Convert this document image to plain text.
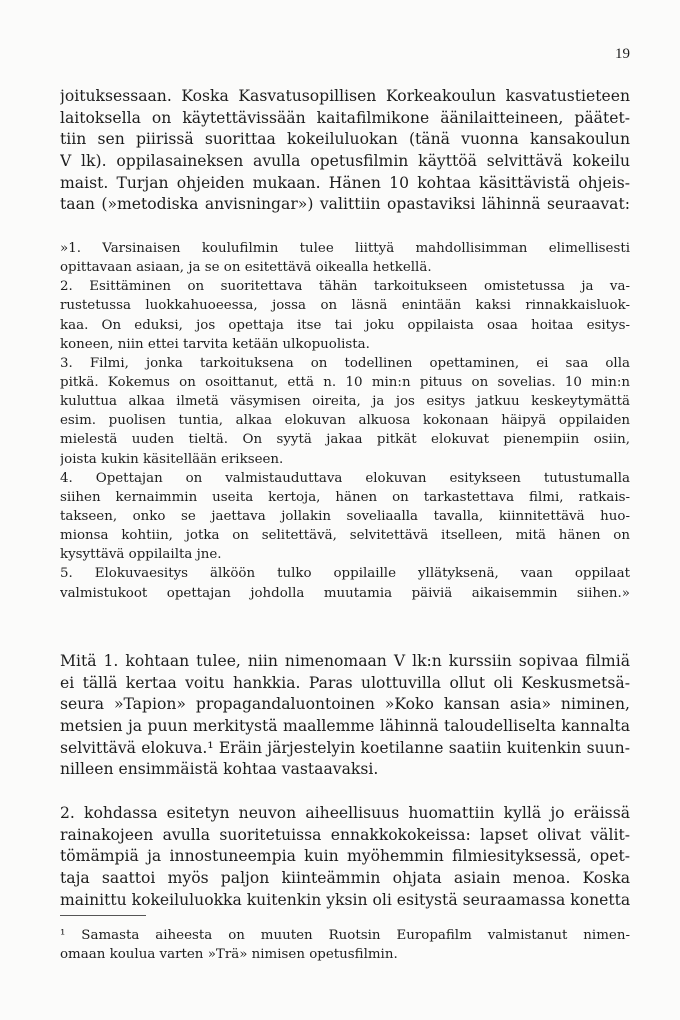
19
joituksessaan. Koska Kasvatusopillisen Korkeakoulun kasvatustieteen
laitoksella on käytettävissään kaitafilmikone äänilaitteineen, päätet-
tiin sen piirissä suorittaa kokeiluluokan (tänä vuonna kansakoulun
V lk). oppilasaineksen avulla opetusfilmin käyttöä selvittävä kokeilu
maist. Turjan ohjeiden mukaan. Hänen 10 kohtaa käsittävistä ohjeis-
taan (»metodiska anvisningar») valittiin opastaviksi lähinnä seuraavat:
»1. Varsinaisen koulufilmin tulee liittyä mahdollisimman elimellisesti
opittavaan asiaan, ja se on esitettävä oikealla hetkellä.
2. Esittäminen on suoritettava tähän tarkoitukseen omistetussa ja va-
rustetussa luokkahuoeessa, jossa on läsnä enintään kaksi rinnakkaisluok-
kaa. On eduksi, jos opettaja itse tai joku oppilaista osaa hoitaa esitys-
koneen, niin ettei tarvita ketään ulkopuolista.
3. Filmi, jonka tarkoituksena on todellinen opettaminen, ei saa olla
pitkä. Kokemus on osoittanut, että n. 10 min:n pituus on sovelias. 10 min:n
kuluttua alkaa ilmetä väsymisen oireita, ja jos esitys jatkuu keskeytymättä
esim. puolisen tuntia, alkaa elokuvan alkuosa kokonaan häipyä oppilaiden
mielestä uuden tieltä. On syytä jakaa pitkät elokuvat pienempiin osiin,
joista kukin käsitellään erikseen.
4. Opettajan on valmistauduttava elokuvan esitykseen tutustumalla
siihen kernaimmin useita kertoja, hänen on tarkastettava filmi, ratkais-
takseen, onko se jaettava jollakin soveliaalla tavalla, kiinnitettävä huo-
mionsa kohtiin, jotka on selitettävä, selvitettävä itselleen, mitä hänen on
kysyttävä oppilailta jne.
5. Elokuvaesitys älköön tulko oppilaille yllätyksenä, vaan oppilaat
valmistukoot opettajan johdolla muutamia päiviä aikaisemmin siihen.»
Mitä 1. kohtaan tulee, niin nimenomaan V lk:n kurssiin sopivaa filmiä
ei tällä kertaa voitu hankkia. Paras ulottuvilla ollut oli Keskusmetsä-
seura »Tapion» propagandaluontoinen »Koko kansan asia» niminen,
metsien ja puun merkitystä maallemme lähinnä taloudelliselta kannalta
selvittävä elokuva.¹ Eräin järjestelyin koetilanne saatiin kuitenkin suun-
nilleen ensimmäistä kohtaa vastaavaksi.
2. kohdassa esitetyn neuvon aiheellisuus huomattiin kyllä jo eräissä
rainakojeen avulla suoritetuissa ennakkokokeissa: lapset olivat välit-
tömämpiä ja innostuneempia kuin myöhemmin filmiesityksessä, opet-
taja saattoi myös paljon kiinteämmin ohjata asiain menoa. Koska
mainittu kokeiluluokka kuitenkin yksin oli esitystä seuraamassa konetta
¹ Samasta aiheesta on muuten Ruotsin Europafilm valmistanut nimen-
omaan koulua varten »Trä» nimisen opetusfilmin.
